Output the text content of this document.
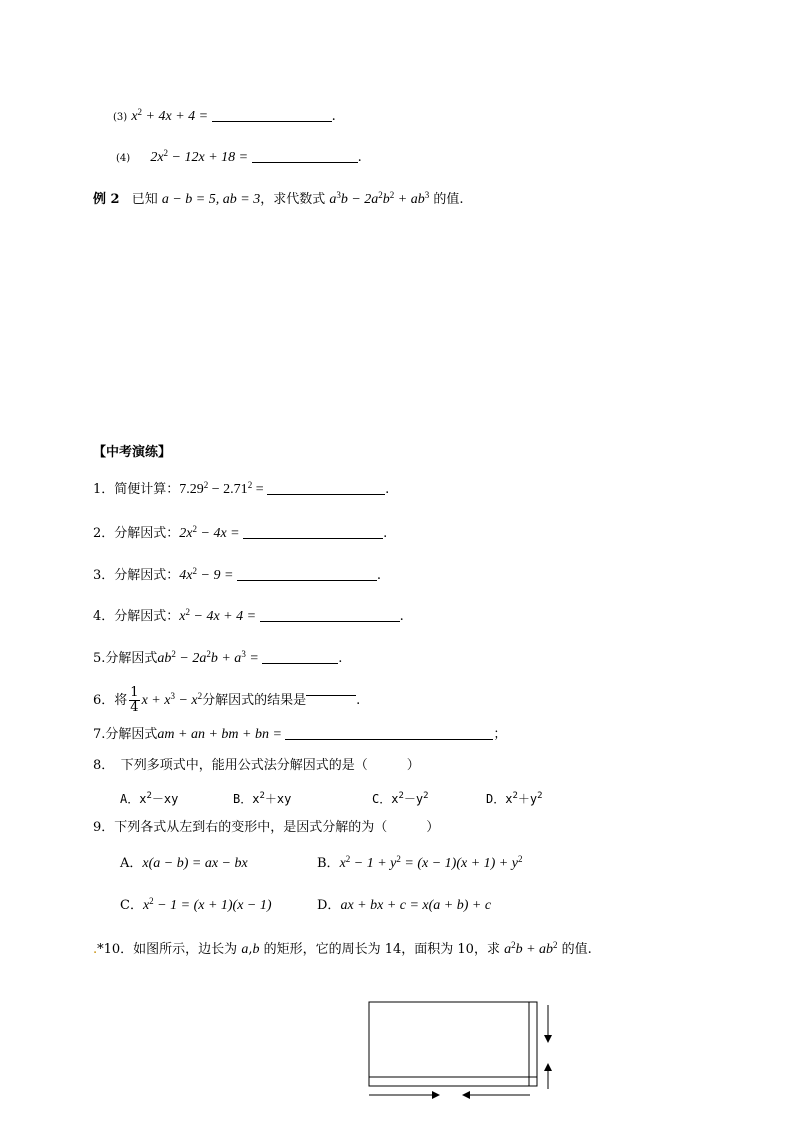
(3) $x^2 + 4x + 4$ =	.
(4) $2x^2 - 12x + 18$ =	.
例 2 已知 a − b = 5, ab = 3，求代数式 $a^3b - 2a^2b^2 + ab^3$ 的值.
【中考演练】
1．简便计算：$7.29^2 - 2.71^2$ =	.
2．分解因式：$2x^2 - 4x$ =	.
3．分解因式：$4x^2 - 9$ =	.
4．分解因式：$x^2 - 4x + 4$ =	.
5.分解因式$ab^2 - 2a^2b + a^3$ =	.
6．将 $\frac{1}{4}$ $x + x^3 - x^2$分解因式的结果是	.
7.分解因式am + an + bm + bn =	；
8．　下列多项式中，能用公式法分解因式的是（　　　）
A．$x^2-xy$	B．$x^2+xy$	C．$x^2-y^2$	D．$x^2+y^2$
9．下列各式从左到右的变形中，是因式分解的为（　　　）
A．x(a − b) = ax − bx	B．$x^2 - 1 + y^2 = (x - 1)(x + 1) + y^2$
C．$x^2 - 1 = (x + 1)(x - 1)$	D．ax + bx + c = x(a + b) + c
.*10．如图所示，边长为 a,b 的矩形，它的周长为 14，面积为 10，求 $a^2b + ab^2$ 的值.
